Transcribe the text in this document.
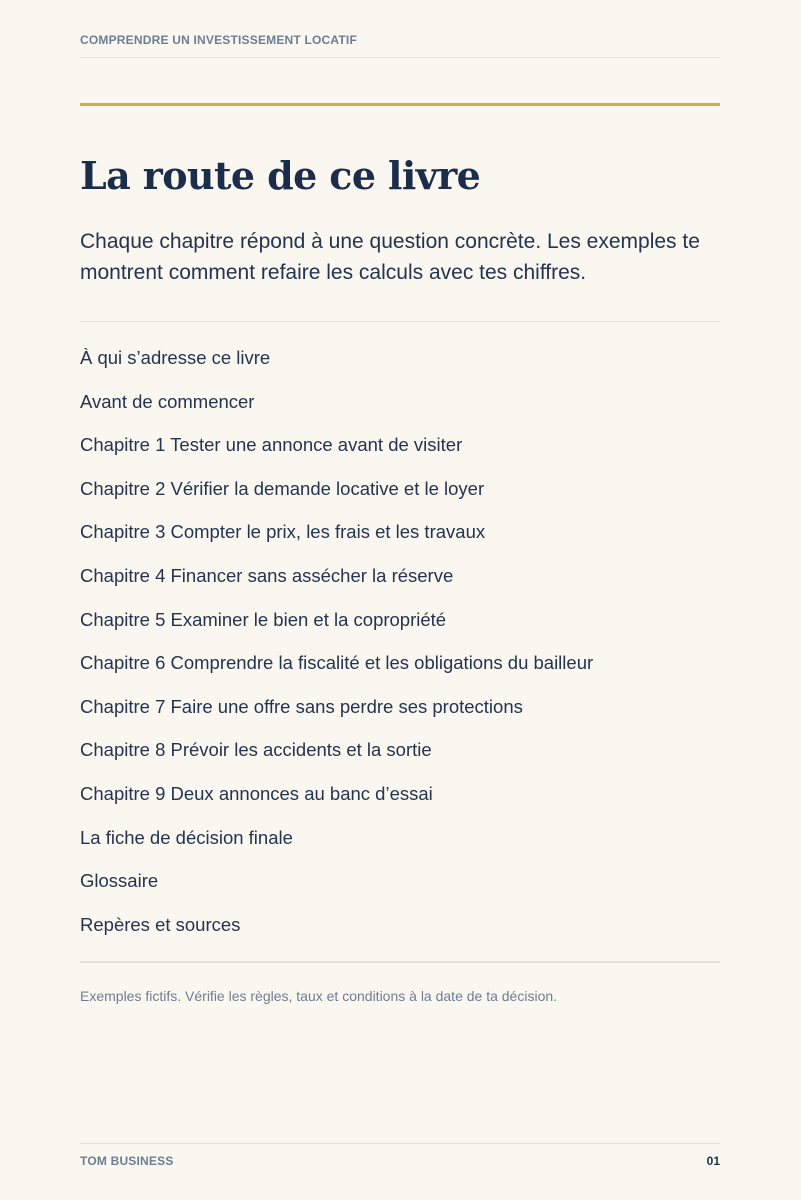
COMPRENDRE UN INVESTISSEMENT LOCATIF
La route de ce livre

Chaque chapitre répond à une question concrète. Les exemples te montrent comment refaire les calculs avec tes chiffres.

À qui s’adresse ce livre
Avant de commencer
Chapitre 1 Tester une annonce avant de visiter
Chapitre 2 Vérifier la demande locative et le loyer
Chapitre 3 Compter le prix, les frais et les travaux
Chapitre 4 Financer sans assécher la réserve
Chapitre 5 Examiner le bien et la copropriété
Chapitre 6 Comprendre la fiscalité et les obligations du bailleur
Chapitre 7 Faire une offre sans perdre ses protections
Chapitre 8 Prévoir les accidents et la sortie
Chapitre 9 Deux annonces au banc d’essai
La fiche de décision finale
Glossaire
Repères et sources
Exemples fictifs. Vérifie les règles, taux et conditions à la date de ta décision.
TOM BUSINESS	01
